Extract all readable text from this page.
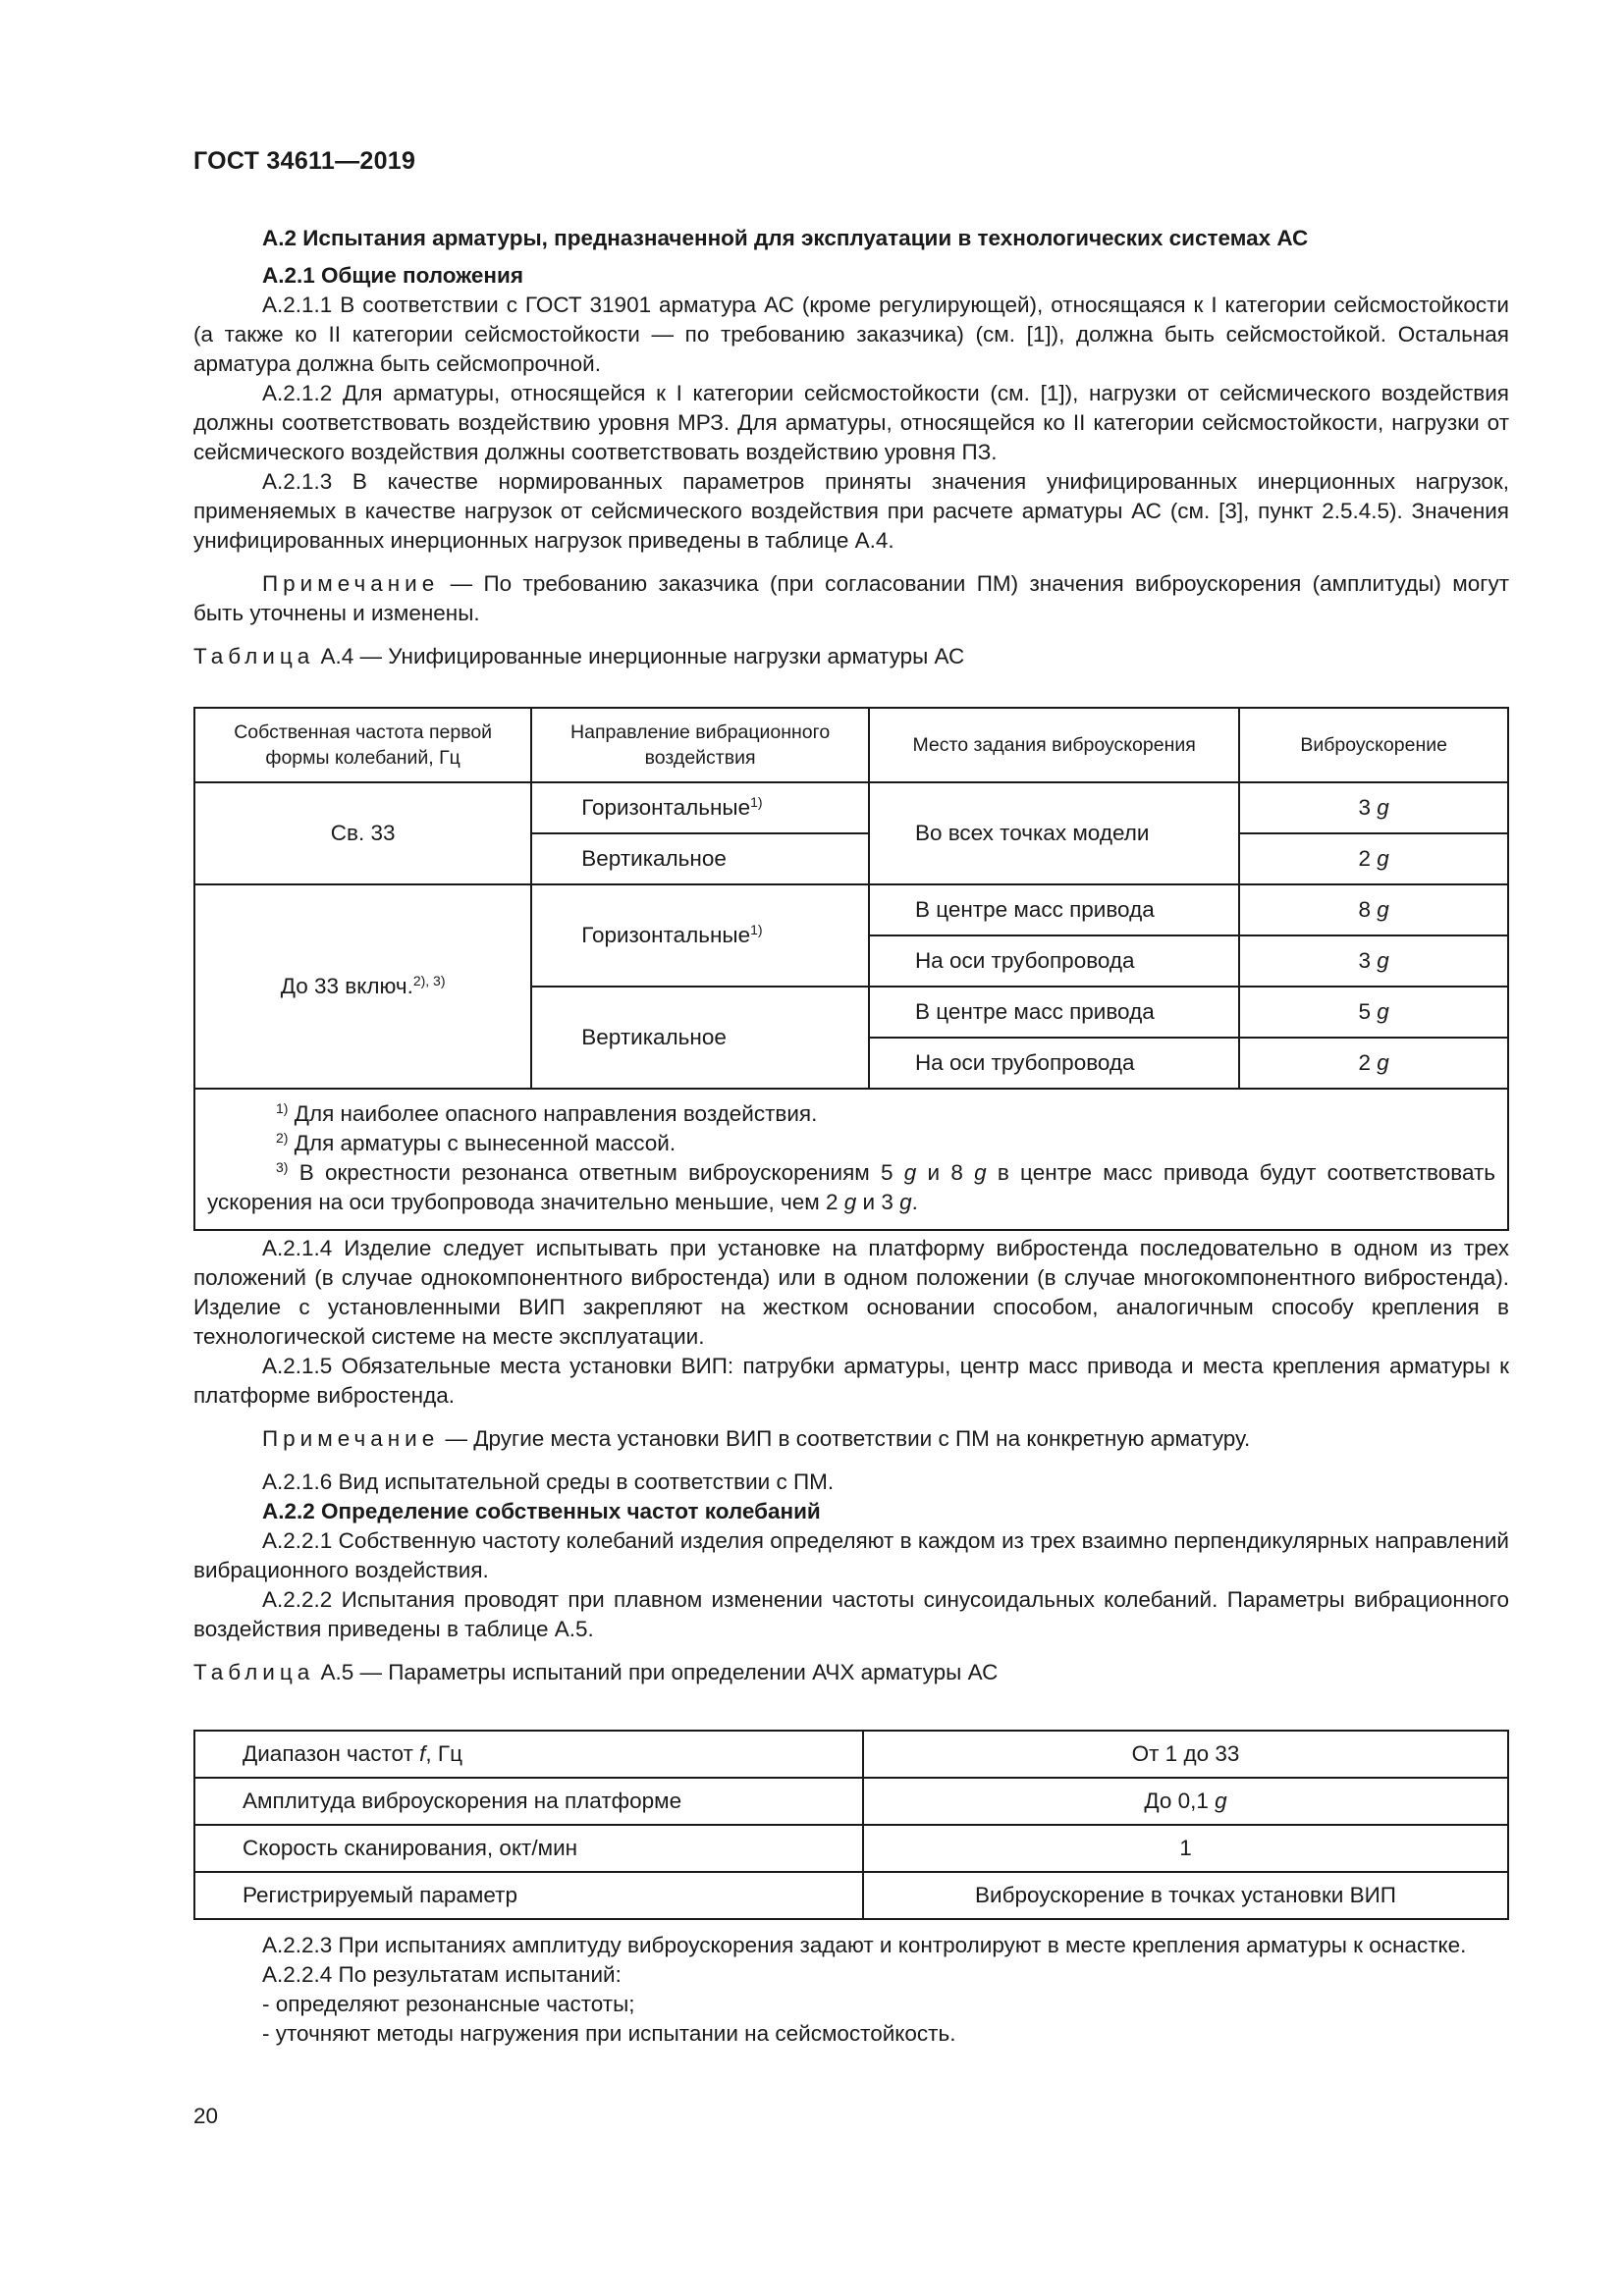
ГОСТ 34611—2019

А.2 Испытания арматуры, предназначенной для эксплуатации в технологических системах АС

А.2.1 Общие положения

А.2.1.1 В соответствии с ГОСТ 31901 арматура АС (кроме регулирующей), относящаяся к I категории сейсмостойкости (а также ко II категории сейсмостойкости — по требованию заказчика) (см. [1]), должна быть сейсмостойкой. Остальная арматура должна быть сейсмопрочной.

А.2.1.2 Для арматуры, относящейся к I категории сейсмостойкости (см. [1]), нагрузки от сейсмического воздействия должны соответствовать воздействию уровня МРЗ. Для арматуры, относящейся ко II категории сейсмостойкости, нагрузки от сейсмического воздействия должны соответствовать воздействию уровня ПЗ.

А.2.1.3 В качестве нормированных параметров приняты значения унифицированных инерционных нагрузок, применяемых в качестве нагрузок от сейсмического воздействия при расчете арматуры АС (см. [3], пункт 2.5.4.5). Значения унифицированных инерционных нагрузок приведены в таблице А.4.

Примечание — По требованию заказчика (при согласовании ПМ) значения виброускорения (амплитуды) могут быть уточнены и изменены.

Таблица А.4 — Унифицированные инерционные нагрузки арматуры АС

Собственная частота первой формы колебаний, Гц	Направление вибрационного воздействия	Место задания виброускорения	Виброускорение
Св. 33	Горизонтальные$^{1)}$	Во всех точках модели	3 g
	Вертикальное		2 g
До 33 включ.$^{2), 3)}$	Горизонтальные$^{1)}$	В центре масс привода	8 g
		На оси трубопровода	3 g
	Вертикальное	В центре масс привода	5 g
		На оси трубопровода	2 g

$^{1)}$ Для наиболее опасного направления воздействия.

$^{2)}$ Для арматуры с вынесенной массой.

$^{3)}$ В окрестности резонанса ответным виброускорениям 5 g и 8 g в центре масс привода будут соответствовать ускорения на оси трубопровода значительно меньшие, чем 2 g и 3 g.			

А.2.1.4 Изделие следует испытывать при установке на платформу вибростенда последовательно в одном из трех положений (в случае однокомпонентного вибростенда) или в одном положении (в случае многокомпонентного вибростенда). Изделие с установленными ВИП закрепляют на жестком основании способом, аналогичным способу крепления в технологической системе на месте эксплуатации.

А.2.1.5 Обязательные места установки ВИП: патрубки арматуры, центр масс привода и места крепления арматуры к платформе вибростенда.

Примечание — Другие места установки ВИП в соответствии с ПМ на конкретную арматуру.

А.2.1.6 Вид испытательной среды в соответствии с ПМ.

А.2.2 Определение собственных частот колебаний

А.2.2.1 Собственную частоту колебаний изделия определяют в каждом из трех взаимно перпендикулярных направлений вибрационного воздействия.

А.2.2.2 Испытания проводят при плавном изменении частоты синусоидальных колебаний. Параметры вибрационного воздействия приведены в таблице А.5.

Таблица А.5 — Параметры испытаний при определении АЧХ арматуры АС

Диапазон частот f, Гц	От 1 до 33
Амплитуда виброускорения на платформе	До 0,1 g
Скорость сканирования, окт/мин	1
Регистрируемый параметр	Виброускорение в точках установки ВИП

А.2.2.3 При испытаниях амплитуду виброускорения задают и контролируют в месте крепления арматуры к оснастке.

А.2.2.4 По результатам испытаний:

- определяют резонансные частоты;

- уточняют методы нагружения при испытании на сейсмостойкость.

20
